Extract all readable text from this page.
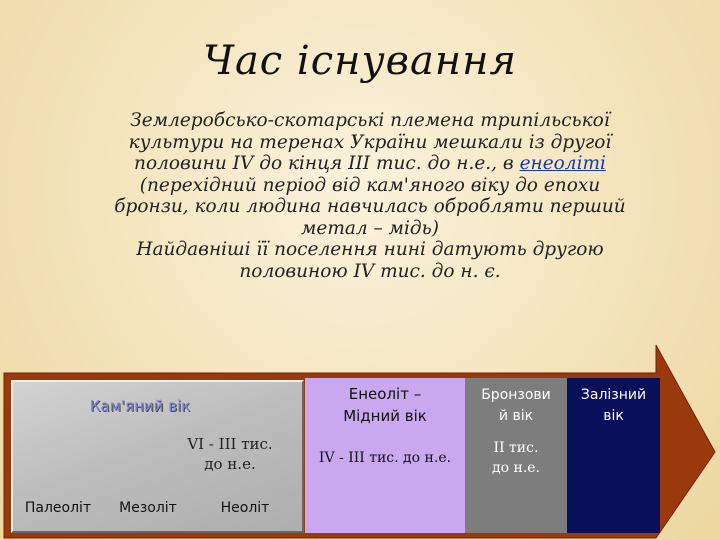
Час існування
Землеробсько-скотарські племена трипільської культури на теренах України мешкали із другої половини IV до кінця III тис. до н.е., в енеоліті (перехідний період від кам'яного віку до епохи бронзи, коли людина навчилась обробляти перший метал – мідь)
Найдавніші її поселення нині датують другою половиною IV тис. до н. є.
Кам'яний вік
VI - III тис.
до н.е.
Палеоліт	Мезоліт	Неоліт
Енеоліт –
Мідний вік
IV - III тис. до н.е.
Бронзови
й вік
II тис.
до н.е.
Залізний
вік
